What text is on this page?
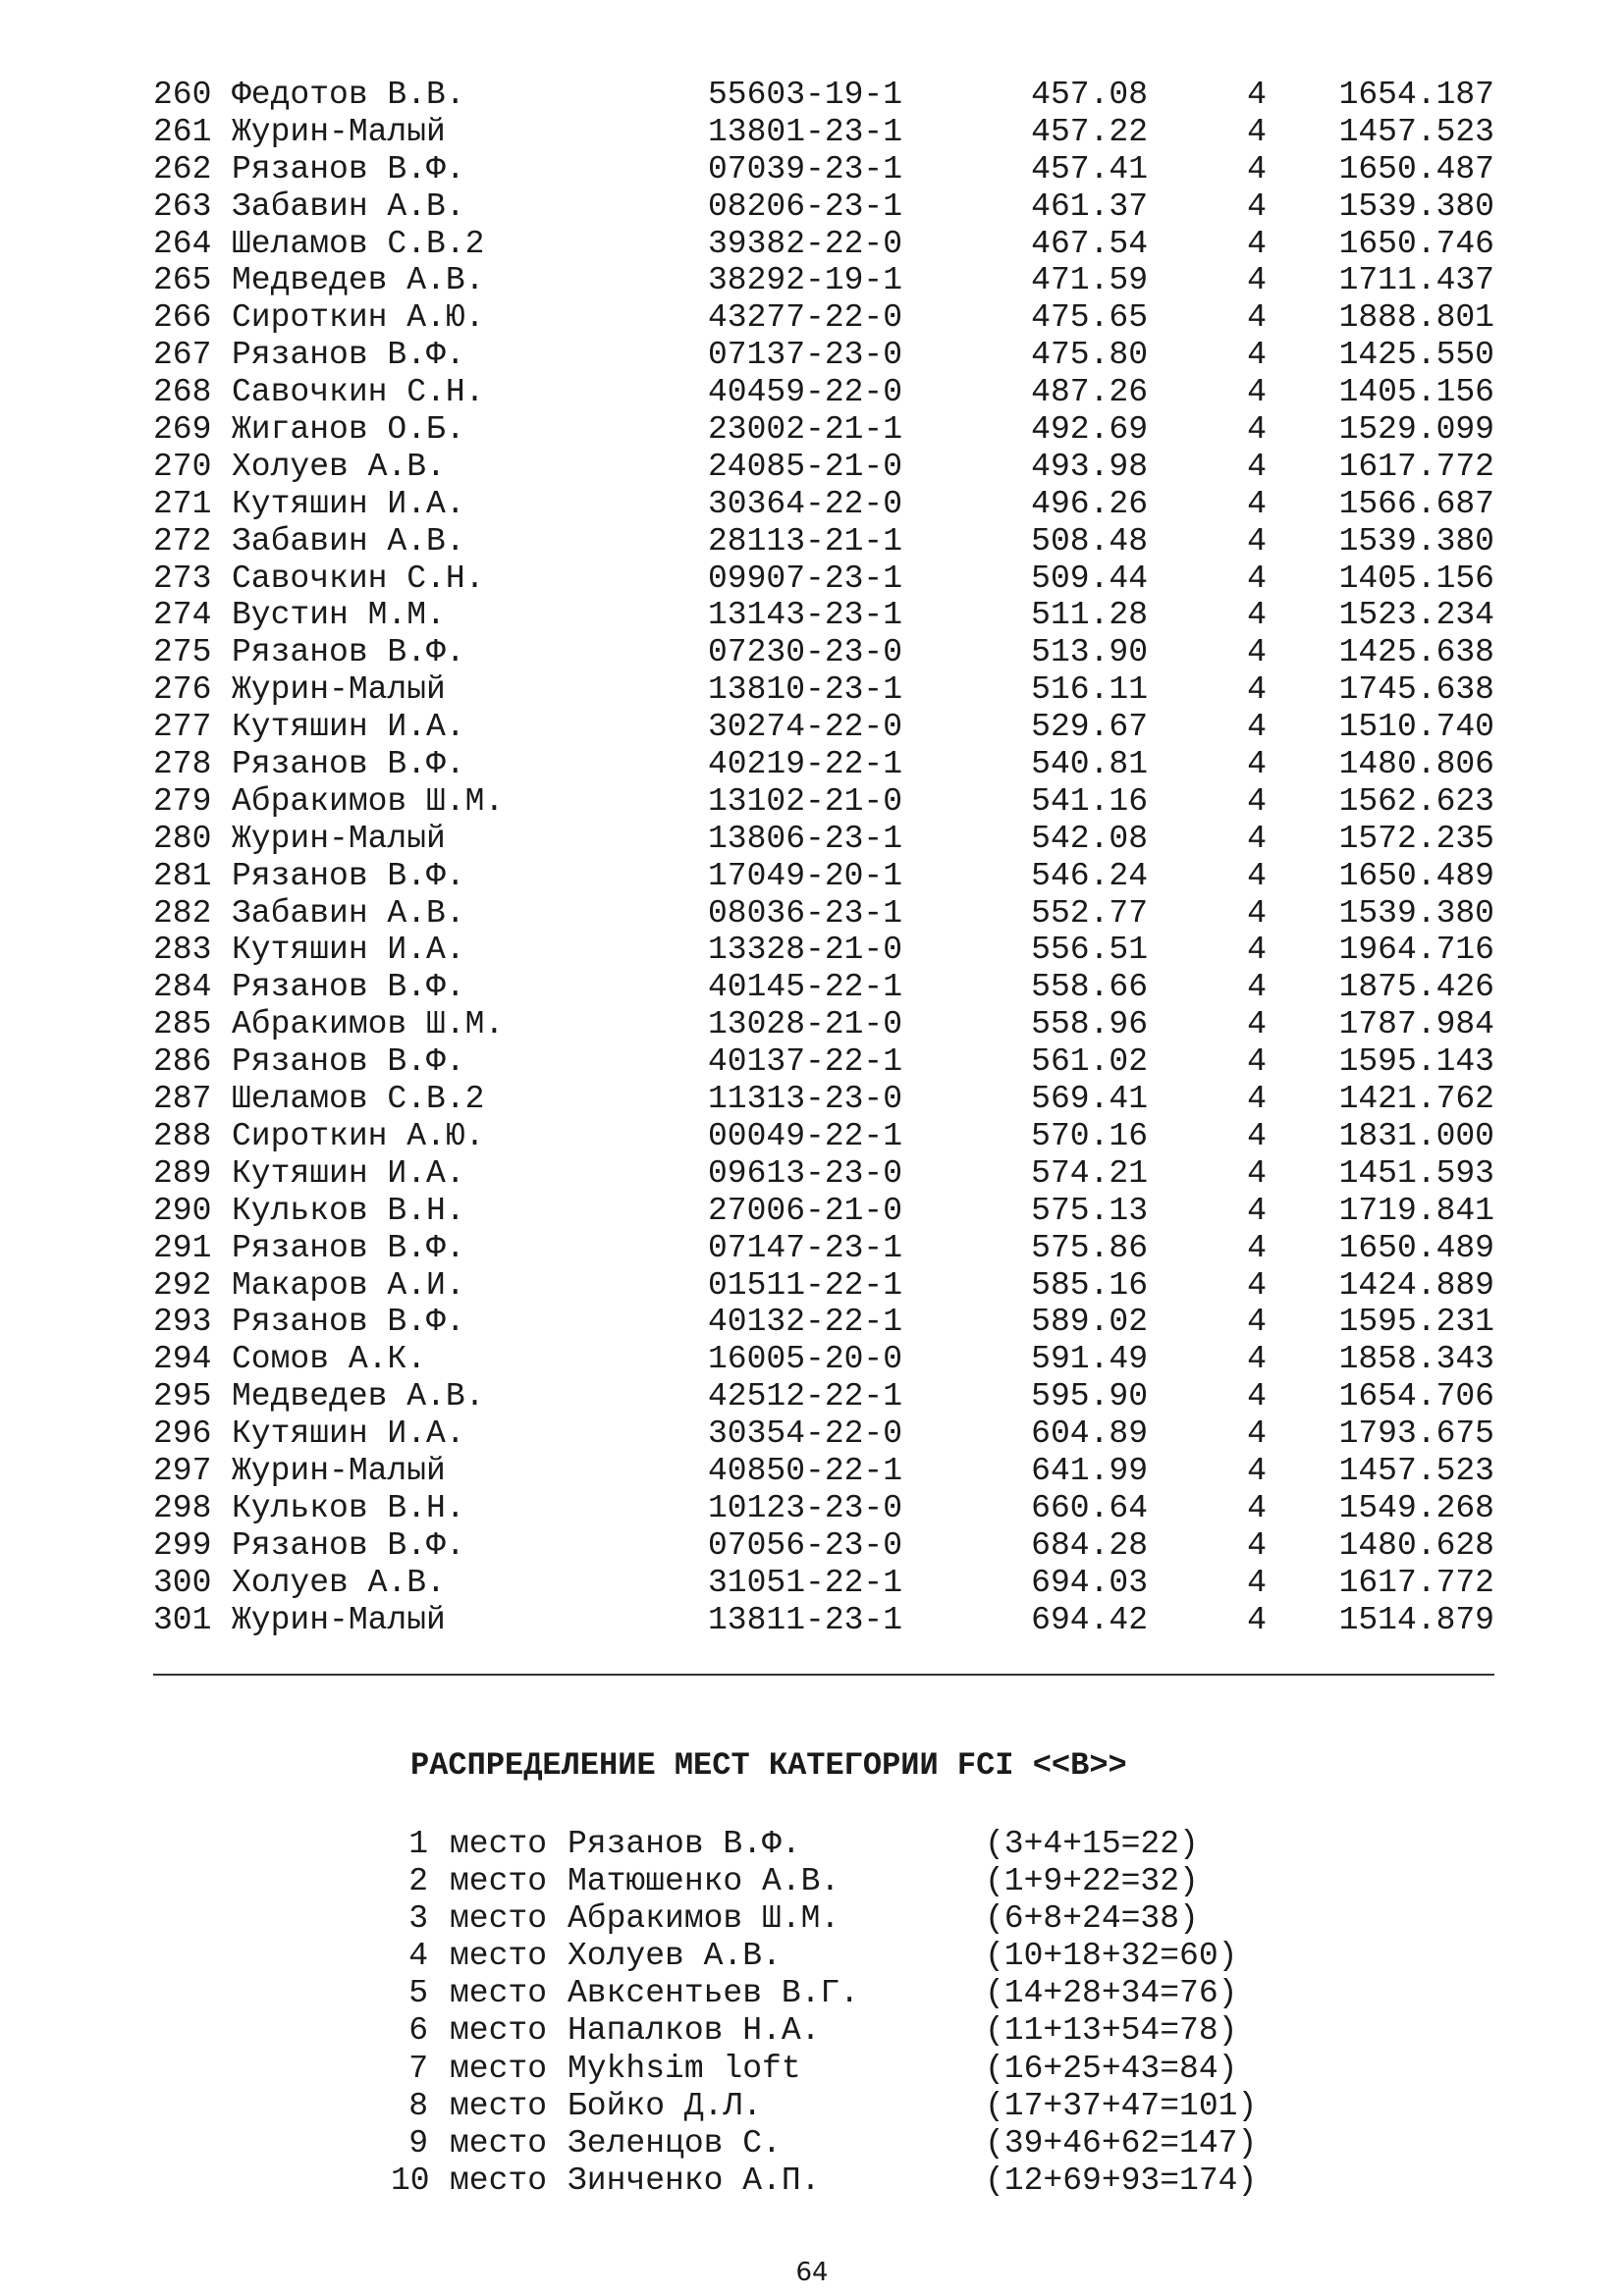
260 Федотов В.В.	55603-19-1	457.08	4	1654.187
261 Журин-Малый	13801-23-1	457.22	4	1457.523
262 Рязанов В.Ф.	07039-23-1	457.41	4	1650.487
263 Забавин А.В.	08206-23-1	461.37	4	1539.380
264 Шеламов С.В.2	39382-22-0	467.54	4	1650.746
265 Медведев А.В.	38292-19-1	471.59	4	1711.437
266 Сироткин А.Ю.	43277-22-0	475.65	4	1888.801
267 Рязанов В.Ф.	07137-23-0	475.80	4	1425.550
268 Савочкин С.Н.	40459-22-0	487.26	4	1405.156
269 Жиганов О.Б.	23002-21-1	492.69	4	1529.099
270 Холуев А.В.	24085-21-0	493.98	4	1617.772
271 Кутяшин И.А.	30364-22-0	496.26	4	1566.687
272 Забавин А.В.	28113-21-1	508.48	4	1539.380
273 Савочкин С.Н.	09907-23-1	509.44	4	1405.156
274 Вустин М.М.	13143-23-1	511.28	4	1523.234
275 Рязанов В.Ф.	07230-23-0	513.90	4	1425.638
276 Журин-Малый	13810-23-1	516.11	4	1745.638
277 Кутяшин И.А.	30274-22-0	529.67	4	1510.740
278 Рязанов В.Ф.	40219-22-1	540.81	4	1480.806
279 Абракимов Ш.М.	13102-21-0	541.16	4	1562.623
280 Журин-Малый	13806-23-1	542.08	4	1572.235
281 Рязанов В.Ф.	17049-20-1	546.24	4	1650.489
282 Забавин А.В.	08036-23-1	552.77	4	1539.380
283 Кутяшин И.А.	13328-21-0	556.51	4	1964.716
284 Рязанов В.Ф.	40145-22-1	558.66	4	1875.426
285 Абракимов Ш.М.	13028-21-0	558.96	4	1787.984
286 Рязанов В.Ф.	40137-22-1	561.02	4	1595.143
287 Шеламов С.В.2	11313-23-0	569.41	4	1421.762
288 Сироткин А.Ю.	00049-22-1	570.16	4	1831.000
289 Кутяшин И.А.	09613-23-0	574.21	4	1451.593
290 Кульков В.Н.	27006-21-0	575.13	4	1719.841
291 Рязанов В.Ф.	07147-23-1	575.86	4	1650.489
292 Макаров А.И.	01511-22-1	585.16	4	1424.889
293 Рязанов В.Ф.	40132-22-1	589.02	4	1595.231
294 Сомов А.К.	16005-20-0	591.49	4	1858.343
295 Медведев А.В.	42512-22-1	595.90	4	1654.706
296 Кутяшин И.А.	30354-22-0	604.89	4	1793.675
297 Журин-Малый	40850-22-1	641.99	4	1457.523
298 Кульков В.Н.	10123-23-0	660.64	4	1549.268
299 Рязанов В.Ф.	07056-23-0	684.28	4	1480.628
300 Холуев А.В.	31051-22-1	694.03	4	1617.772
301 Журин-Малый	13811-23-1	694.42	4	1514.879
РАСПРЕДЕЛЕНИЕ МЕСТ КАТЕГОРИИ FCI <<B>>
1 место Рязанов В.Ф.	(3+4+15=22)
2 место Матюшенко А.В.	(1+9+22=32)
3 место Абракимов Ш.М.	(6+8+24=38)
4 место Холуев А.В.	(10+18+32=60)
5 место Авксентьев В.Г.	(14+28+34=76)
6 место Напалков Н.А.	(11+13+54=78)
7 место Mykhsim loft	(16+25+43=84)
8 место Бойко Д.Л.	(17+37+47=101)
9 место Зеленцов С.	(39+46+62=147)
10 место Зинченко А.П.	(12+69+93=174)
64
